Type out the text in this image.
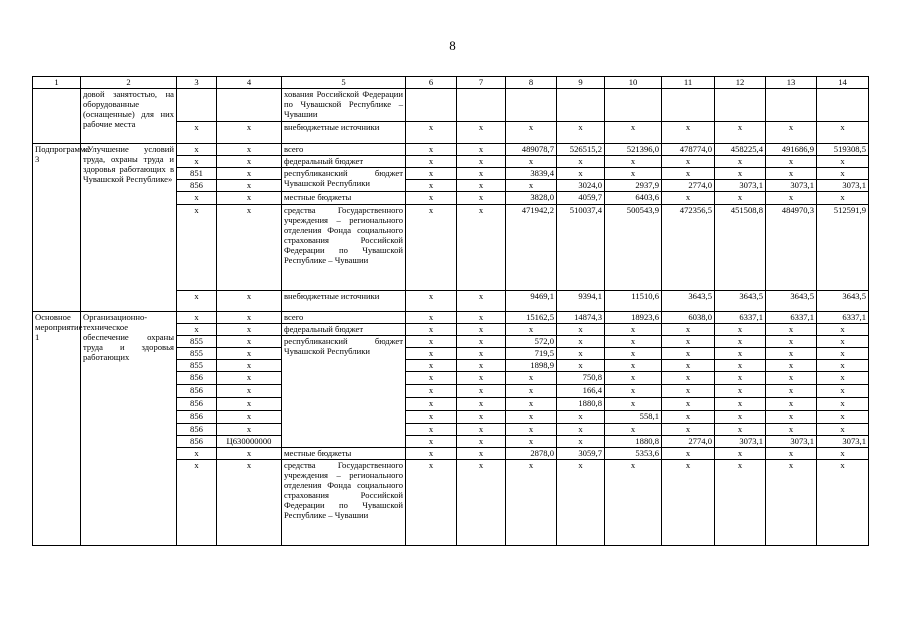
8
1	2	3	4	5	6	7	8	9	10	11	12	13	14
	довой занятостью, на оборудованные (оснащенные) для них рабочие места			хования Российской Федерации по Чувашской Республике – Чувашии									
		x	x	внебюджетные источники	x	x	x	x	x	x	x	x	x
Подпрограмма 3	«Улучшение условий труда, охраны труда и здоровья работающих в Чувашской Республике»	x	x	всего	x	x	489078,7	526515,2	521396,0	478774,0	458225,4	491686,9	519308,5
		x	x	федеральный бюджет	x	x	x	x	x	x	x	x	x
		851	x	республиканский бюджет Чувашской Республики	x	x	3839,4	x	x	x	x	x	x
		856	x		x	x	x	3024,0	2937,9	2774,0	3073,1	3073,1	3073,1
		x	x	местные бюджеты	x	x	3828,0	4059,7	6403,6	x	x	x	x
		x	x	средства Государственного учреждения – регионального отделения Фонда социального страхования Российской Федерации по Чувашской Республике – Чувашии	x	x	471942,2	510037,4	500543,9	472356,5	451508,8	484970,3	512591,9
		x	x	внебюджетные источники	x	x	9469,1	9394,1	11510,6	3643,5	3643,5	3643,5	3643,5
Основное мероприятие 1	Организационно-техническое обеспечение охраны труда и здоровья работающих	x	x	всего	x	x	15162,5	14874,3	18923,6	6038,0	6337,1	6337,1	6337,1
		x	x	федеральный бюджет	x	x	x	x	x	x	x	x	x
		855	x	республиканский бюджет Чувашской Республики	x	x	572,0	x	x	x	x	x	x
		855	x		x	x	719,5	x	x	x	x	x	x
		855	x		x	x	1898,9	x	x	x	x	x	x
		856	x		x	x	x	750,8	x	x	x	x	x
		856	x		x	x	x	166,4	x	x	x	x	x
		856	x		x	x	x	1880,8	x	x	x	x	x
		856	x		x	x	x	x	558,1	x	x	x	x
		856	x		x	x	x	x	x	x	x	x	x
		856	Ц630000000		x	x	x	x	1880,8	2774,0	3073,1	3073,1	3073,1
		x	x	местные бюджеты	x	x	2878,0	3059,7	5353,6	x	x	x	x
		x	x	средства Государственного учреждения – регионального отделения Фонда социального страхования Российской Федерации по Чувашской Республике – Чувашии	x	x	x	x	x	x	x	x	x
